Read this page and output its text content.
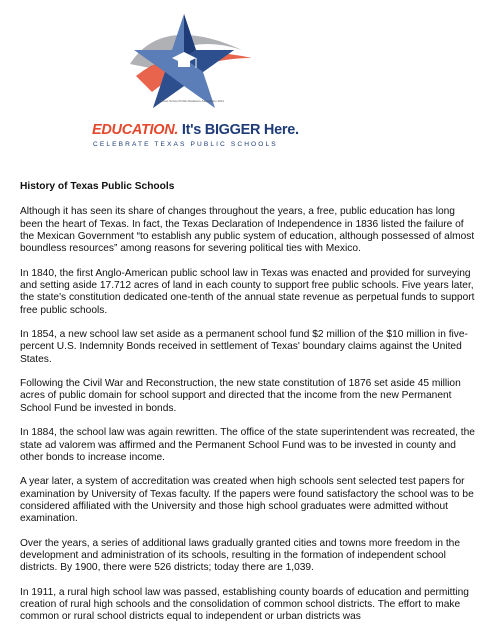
A Texas School Public Relations Association 2011
EDUCATION. It's BIGGER Here.
CELEBRATE TEXAS PUBLIC SCHOOLS
History of Texas Public Schools

Although it has seen its share of changes throughout the years, a free, public education has long been the heart of Texas. In fact, the Texas Declaration of Independence in 1836 listed the failure of the Mexican Government “to establish any public system of education, although possessed of almost boundless resources” among reasons for severing political ties with Mexico.

In 1840, the first Anglo-American public school law in Texas was enacted and provided for surveying and setting aside 17.712 acres of land in each county to support free public schools. Five years later, the state's constitution dedicated one-tenth of the annual state revenue as perpetual funds to support free public schools.

In 1854, a new school law set aside as a permanent school fund $2 million of the $10 million in five-percent U.S. Indemnity Bonds received in settlement of Texas' boundary claims against the United States.

Following the Civil War and Reconstruction, the new state constitution of 1876 set aside 45 million acres of public domain for school support and directed that the income from the new Permanent School Fund be invested in bonds.

In 1884, the school law was again rewritten. The office of the state superintendent was recreated, the state ad valorem was affirmed and the Permanent School Fund was to be invested in county and other bonds to increase income.

A year later, a system of accreditation was created when high schools sent selected test papers for examination by University of Texas faculty. If the papers were found satisfactory the school was to be considered affiliated with the University and those high school graduates were admitted without examination.

Over the years, a series of additional laws gradually granted cities and towns more freedom in the development and administration of its schools, resulting in the formation of independent school districts. By 1900, there were 526 districts; today there are 1,039.

In 1911, a rural high school law was passed, establishing county boards of education and permitting creation of rural high schools and the consolidation of common school districts. The effort to make common or rural school districts equal to independent or urban districts was
